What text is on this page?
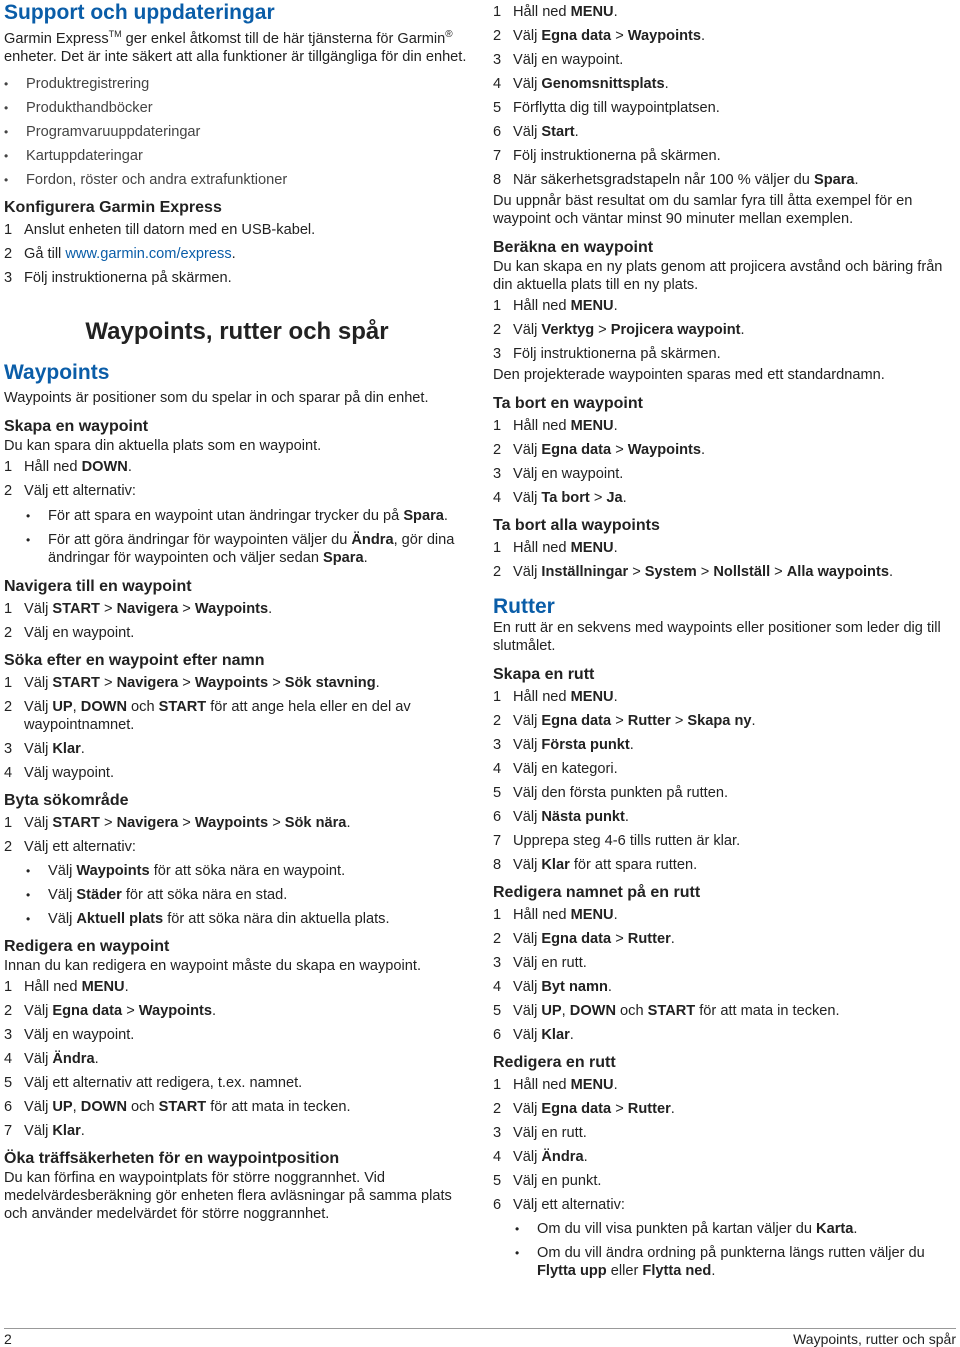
Support och uppdateringar

Garmin Express™ ger enkel åtkomst till de här tjänsterna för Garmin® enheter. Det är inte säkert att alla funktioner är tillgängliga för din enhet.

• Produktregistrering

• Produkthandböcker

• Programvaruuppdateringar

• Kartuppdateringar

• Fordon, röster och andra extrafunktioner

Konfigurera Garmin Express
1 Anslut enheten till datorn med en USB-kabel.
2 Gå till www.garmin.com/express.
3 Följ instruktionerna på skärmen.
Waypoints, rutter och spår
Waypoints

Waypoints är positioner som du spelar in och sparar på din enhet.

Skapa en waypoint

Du kan spara din aktuella plats som en waypoint.

1 Håll ned DOWN.
2 Välj ett alternativ:

• För att spara en waypoint utan ändringar trycker du på Spara.

• För att göra ändringar för waypointen väljer du Ändra, gör dina ändringar för waypointen och väljer sedan Spara.

Navigera till en waypoint
1 Välj START > Navigera > Waypoints.
2 Välj en waypoint.
Söka efter en waypoint efter namn
1 Välj START > Navigera > Waypoints > Sök stavning.
2 Välj UP, DOWN och START för att ange hela eller en del av waypointnamnet.
3 Välj Klar.
4 Välj waypoint.
Byta sökområde
1 Välj START > Navigera > Waypoints > Sök nära.
2 Välj ett alternativ:

• Välj Waypoints för att söka nära en waypoint.

• Välj Städer för att söka nära en stad.

• Välj Aktuell plats för att söka nära din aktuella plats.

Redigera en waypoint

Innan du kan redigera en waypoint måste du skapa en waypoint.

1 Håll ned MENU.
2 Välj Egna data > Waypoints.
3 Välj en waypoint.
4 Välj Ändra.
5 Välj ett alternativ att redigera, t.ex. namnet.
6 Välj UP, DOWN och START för att mata in tecken.
7 Välj Klar.
Öka träffsäkerheten för en waypointposition

Du kan förfina en waypointplats för större noggrannhet. Vid medelvärdesberäkning gör enheten flera avläsningar på samma plats och använder medelvärdet för större noggrannhet.

1 Håll ned MENU.
2 Välj Egna data > Waypoints.
3 Välj en waypoint.
4 Välj Genomsnittsplats.
5 Förflytta dig till waypointplatsen.
6 Välj Start.
7 Följ instruktionerna på skärmen.
8 När säkerhetsgradstapeln når 100 % väljer du Spara.

Du uppnår bäst resultat om du samlar fyra till åtta exempel för en waypoint och väntar minst 90 minuter mellan exemplen.

Beräkna en waypoint

Du kan skapa en ny plats genom att projicera avstånd och bäring från din aktuella plats till en ny plats.

1 Håll ned MENU.
2 Välj Verktyg > Projicera waypoint.
3 Följ instruktionerna på skärmen.

Den projekterade waypointen sparas med ett standardnamn.

Ta bort en waypoint
1 Håll ned MENU.
2 Välj Egna data > Waypoints.
3 Välj en waypoint.
4 Välj Ta bort > Ja.
Ta bort alla waypoints
1 Håll ned MENU.
2 Välj Inställningar > System > Nollställ > Alla waypoints.
Rutter

En rutt är en sekvens med waypoints eller positioner som leder dig till slutmålet.

Skapa en rutt
1 Håll ned MENU.
2 Välj Egna data > Rutter > Skapa ny.
3 Välj Första punkt.
4 Välj en kategori.
5 Välj den första punkten på rutten.
6 Välj Nästa punkt.
7 Upprepa steg 4-6 tills rutten är klar.
8 Välj Klar för att spara rutten.
Redigera namnet på en rutt
1 Håll ned MENU.
2 Välj Egna data > Rutter.
3 Välj en rutt.
4 Välj Byt namn.
5 Välj UP, DOWN och START för att mata in tecken.
6 Välj Klar.
Redigera en rutt
1 Håll ned MENU.
2 Välj Egna data > Rutter.
3 Välj en rutt.
4 Välj Ändra.
5 Välj en punkt.
6 Välj ett alternativ:

• Om du vill visa punkten på kartan väljer du Karta.

• Om du vill ändra ordning på punkterna längs rutten väljer du Flytta upp eller Flytta ned.

2	Waypoints, rutter och spår
